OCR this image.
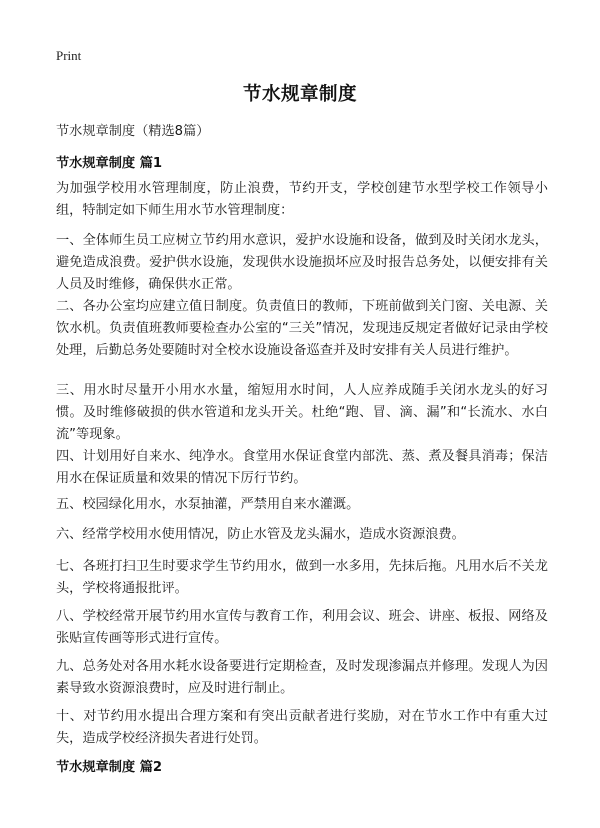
Print
节水规章制度
节水规章制度（精选8篇）
节水规章制度 篇1

为加强学校用水管理制度，防止浪费，节约开支，学校创建节水型学校工作领导小组，特制定如下师生用水节水管理制度：

一、全体师生员工应树立节约用水意识，爱护水设施和设备，做到及时关闭水龙头，避免造成浪费。爱护供水设施，发现供水设施损坏应及时报告总务处，以便安排有关人员及时维修，确保供水正常。

二、各办公室均应建立值日制度。负责值日的教师，下班前做到关门窗、关电源、关饮水机。负责值班教师要检查办公室的“三关”情况，发现违反规定者做好记录由学校处理，后勤总务处要随时对全校水设施设备巡查并及时安排有关人员进行维护。

三、用水时尽量开小用水水量，缩短用水时间，人人应养成随手关闭水龙头的好习惯。及时维修破损的供水管道和龙头开关。杜绝“跑、冒、滴、漏”和“长流水、水白流”等现象。

四、计划用好自来水、纯净水。食堂用水保证食堂内部洗、蒸、煮及餐具消毒；保洁用水在保证质量和效果的情况下厉行节约。

五、校园绿化用水，水泵抽灌，严禁用自来水灌溉。

六、经常学校用水使用情况，防止水管及龙头漏水，造成水资源浪费。

七、各班打扫卫生时要求学生节约用水，做到一水多用，先抹后拖。凡用水后不关龙头，学校将通报批评。

八、学校经常开展节约用水宣传与教育工作，利用会议、班会、讲座、板报、网络及张贴宣传画等形式进行宣传。

九、总务处对各用水耗水设备要进行定期检查，及时发现渗漏点并修理。发现人为因素导致水资源浪费时，应及时进行制止。

十、对节约用水提出合理方案和有突出贡献者进行奖励，对在节水工作中有重大过失，造成学校经济损失者进行处罚。

节水规章制度 篇2
